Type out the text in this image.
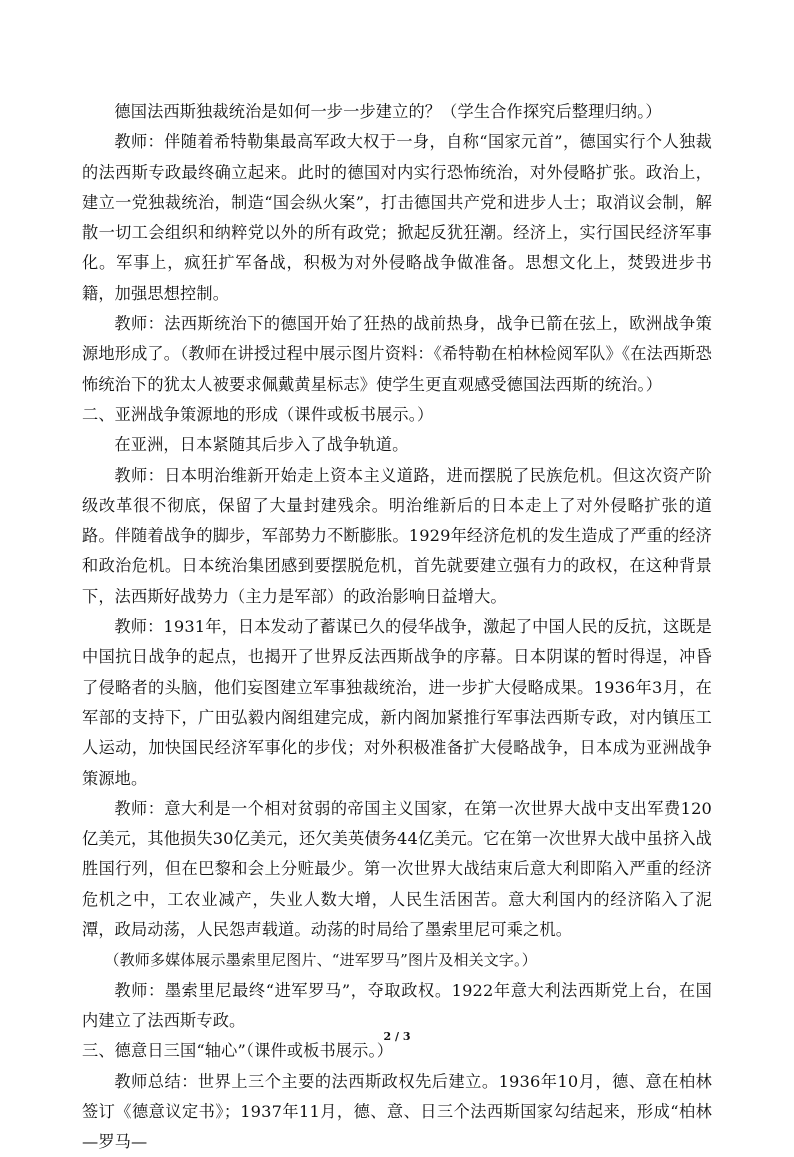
德国法西斯独裁统治是如何一步一步建立的？（学生合作探究后整理归纳。）

教师：伴随着希特勒集最高军政大权于一身，自称“国家元首”，德国实行个人独裁的法西斯专政最终确立起来。此时的德国对内实行恐怖统治，对外侵略扩张。政治上，建立一党独裁统治，制造“国会纵火案”，打击德国共产党和进步人士；取消议会制，解散一切工会组织和纳粹党以外的所有政党；掀起反犹狂潮。经济上，实行国民经济军事化。军事上，疯狂扩军备战，积极为对外侵略战争做准备。思想文化上，焚毁进步书籍，加强思想控制。

教师：法西斯统治下的德国开始了狂热的战前热身，战争已箭在弦上，欧洲战争策源地形成了。（教师在讲授过程中展示图片资料：《希特勒在柏林检阅军队》《在法西斯恐怖统治下的犹太人被要求佩戴黄星标志》使学生更直观感受德国法西斯的统治。）

二、亚洲战争策源地的形成（课件或板书展示。）

在亚洲，日本紧随其后步入了战争轨道。

教师：日本明治维新开始走上资本主义道路，进而摆脱了民族危机。但这次资产阶级改革很不彻底，保留了大量封建残余。明治维新后的日本走上了对外侵略扩张的道路。伴随着战争的脚步，军部势力不断膨胀。1929年经济危机的发生造成了严重的经济和政治危机。日本统治集团感到要摆脱危机，首先就要建立强有力的政权，在这种背景下，法西斯好战势力（主力是军部）的政治影响日益增大。

教师：1931年，日本发动了蓄谋已久的侵华战争，激起了中国人民的反抗，这既是中国抗日战争的起点，也揭开了世界反法西斯战争的序幕。日本阴谋的暂时得逞，冲昏了侵略者的头脑，他们妄图建立军事独裁统治，进一步扩大侵略成果。1936年3月，在军部的支持下，广田弘毅内阁组建完成，新内阁加紧推行军事法西斯专政，对内镇压工人运动，加快国民经济军事化的步伐；对外积极准备扩大侵略战争，日本成为亚洲战争策源地。

教师：意大利是一个相对贫弱的帝国主义国家，在第一次世界大战中支出军费120亿美元，其他损失30亿美元，还欠美英债务44亿美元。它在第一次世界大战中虽挤入战胜国行列，但在巴黎和会上分赃最少。第一次世界大战结束后意大利即陷入严重的经济危机之中，工农业减产，失业人数大增，人民生活困苦。意大利国内的经济陷入了泥潭，政局动荡，人民怨声载道。动荡的时局给了墨索里尼可乘之机。

（教师多媒体展示墨索里尼图片、“进军罗马”图片及相关文字。）

教师：墨索里尼最终“进军罗马”，夺取政权。1922年意大利法西斯党上台，在国内建立了法西斯专政。

三、德意日三国“轴心”（课件或板书展示。）

教师总结：世界上三个主要的法西斯政权先后建立。1936年10月，德、意在柏林签订《德意议定书》；1937年11月，德、意、日三个法西斯国家勾结起来，形成“柏林—罗马—

2 / 3
